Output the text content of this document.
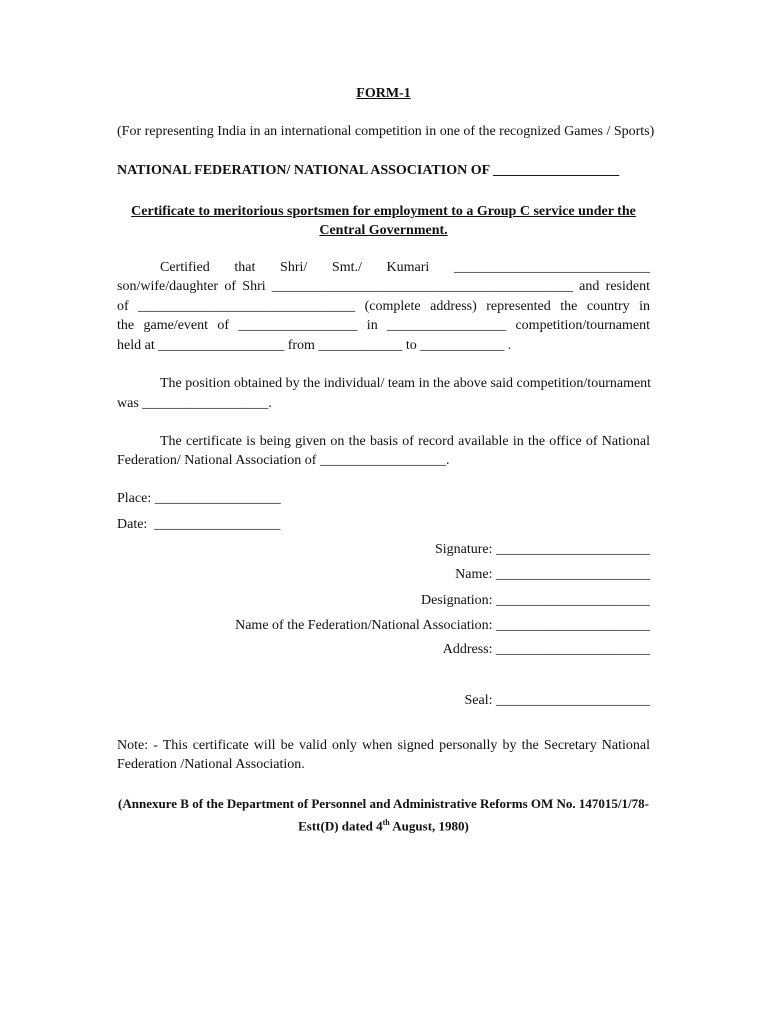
FORM-1
(For representing India in an international competition in one of the recognized Games / Sports)
NATIONAL FEDERATION/ NATIONAL ASSOCIATION OF __________________
Certificate to meritorious sportsmen for employment to a Group C service under the
Central Government.
Certified that Shri/ Smt./ Kumari ____________________________
son/wife/daughter of Shri ___________________________________________ and resident
of _______________________________ (complete address) represented the country in
the game/event of _________________ in _________________ competition/tournament
held at __________________ from ____________ to ____________ .
The position obtained by the individual/ team in the above said competition/tournament
was __________________.
The certificate is being given on the basis of record available in the office of National
Federation/ National Association of __________________.
Place: __________________
Date:  __________________
Signature: ______________________
Name: ______________________
Designation: ______________________
Name of the Federation/National Association: ______________________
Address: ______________________
Seal: ______________________
Note: - This certificate will be valid only when signed personally by the Secretary National
Federation /National Association.
(Annexure B of the Department of Personnel and Administrative Reforms OM No. 147015/1/78-
Estt(D) dated 4th August, 1980)
